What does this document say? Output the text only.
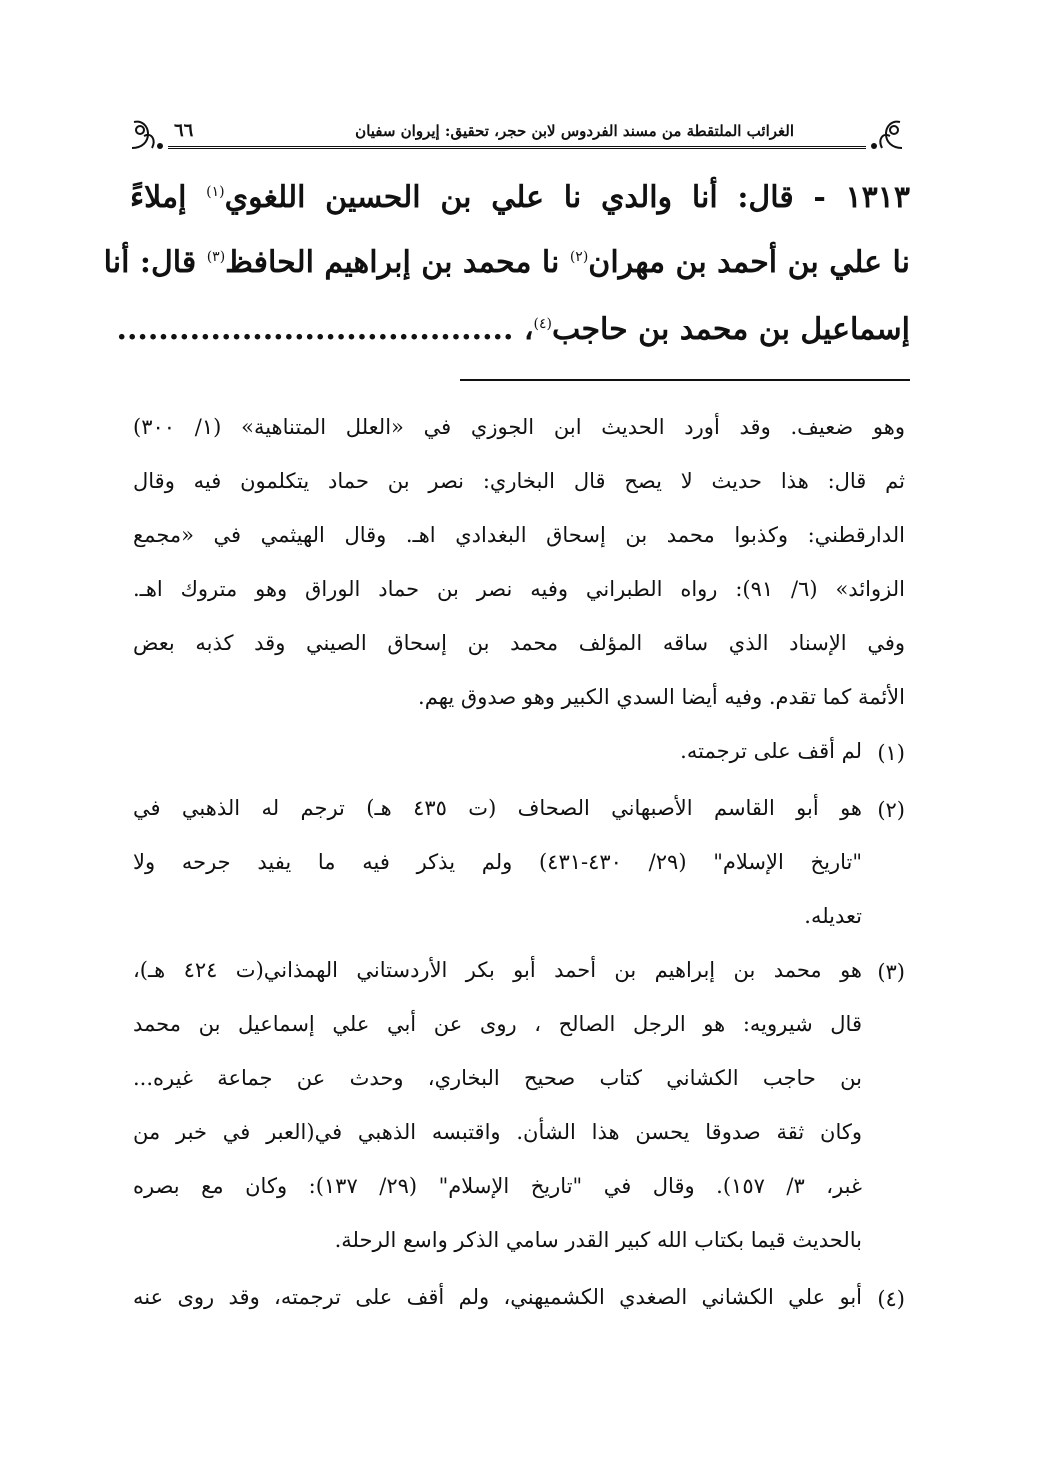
الغرائب الملتقطة من مسند الفردوس لابن حجر، تحقيق: إيروان سفيان
٦٦
١٣١٣ - قال: أنا والدي نا علي بن الحسين اللغوي$^{(١)}$ إملاءً
نا علي بن أحمد بن مهران$^{(٢)}$ نا محمد بن إبراهيم الحافظ$^{(٣)}$ قال: أنا
إسماعيل بن محمد بن حاجب$^{(٤)}$، ......................................
وهو ضعيف. وقد أورد الحديث ابن الجوزي في «العلل المتناهية» (١/ ٣٠٠)
ثم قال: هذا حديث لا يصح قال البخاري: نصر بن حماد يتكلمون فيه وقال
الدارقطني: وكذبوا محمد بن إسحاق البغدادي اهـ. وقال الهيثمي في «مجمع
الزوائد» (٦/ ٩١): رواه الطبراني وفيه نصر بن حماد الوراق وهو متروك اهـ.
وفي الإسناد الذي ساقه المؤلف محمد بن إسحاق الصيني وقد كذبه بعض
الأئمة كما تقدم. وفيه أيضا السدي الكبير وهو صدوق يهم.
(١)
لم أقف على ترجمته.
(٢)
هو أبو القاسم الأصبهاني الصحاف (ت ٤٣٥ هـ) ترجم له الذهبي في
"تاريخ الإسلام" (٢٩/ ٤٣٠-٤٣١) ولم يذكر فيه ما يفيد جرحه ولا
تعديله.
(٣)
هو محمد بن إبراهيم بن أحمد أبو بكر الأردستاني الهمذاني(ت ٤٢٤ هـ)،
قال شيرويه: هو الرجل الصالح ، روى عن أبي علي إسماعيل بن محمد
بن حاجب الكشاني كتاب صحيح البخاري، وحدث عن جماعة غيره...
وكان ثقة صدوقا يحسن هذا الشأن. واقتبسه الذهبي في(العبر في خبر من
غبر، ٣/ ١٥٧). وقال في "تاريخ الإسلام" (٢٩/ ١٣٧): وكان مع بصره
بالحديث قيما بكتاب الله كبير القدر سامي الذكر واسع الرحلة.
(٤)
أبو علي الكشاني الصغدي الكشميهني، ولم أقف على ترجمته، وقد روى عنه
